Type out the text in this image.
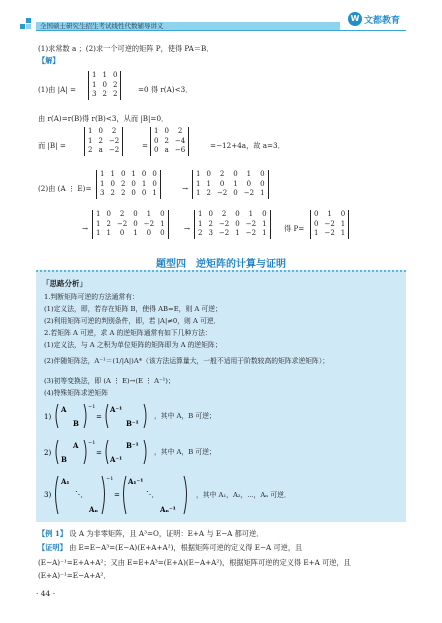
全国硕士研究生招生考试线性代数辅导讲义
W 文都教育
(1)求常数 a ；(2)求一个可逆的矩阵 P，使得 PA＝B．
【解】
(1)由 |A| =
1	1	0
1	0	2
3	2	2	=0 得 r(A)<3．
由 r(A)=r(B)得 r(B)<3，从而 |B|=0．
而 |B| =
1	0	2
1	2	−2
2	a	−2	=
1	0	2
0	2	−4
0	a	−6	=−12+4a，故 a=3．
(2)由 (A ⋮ E)=
1	1	0	1	0	0
1	0	2	0	1	0
3	2	2	0	0	1	→
1	0	2	0	1	0
1	1	0	1	0	0
1	2	−2	0	−2	1
→
1	0	2	0	1	0
1	2	−2	0	−2	1
1	1	0	1	0	0	→
1	0	2	0	1	0
1	2	−2	0	−2	1
2	3	−2	1	−2	1 得 P=
0	1	0
0	−2	1
1	−2	1
题型四　逆矩阵的计算与证明
「思路分析」
1.判断矩阵可逆的方法通常有：
(1)定义法，即，若存在矩阵 B，使得 AB=E，则 A 可逆；
(2)利用矩阵可逆的判别条件，即，若 |A|≠0，则 A 可逆．
2.若矩阵 A 可逆，求 A 的逆矩阵通常有如下几种方法：
(1)定义法，与 A 之积为单位矩阵的矩阵即为 A 的逆矩阵；
(2)伴随矩阵法，A⁻¹＝(1/|A|)A*（该方法运算量大，一般不适用于阶数较高的矩阵求逆矩阵）；
(3)初等变换法，即 (A ⋮ E)→(E ⋮ A⁻¹)；
(4)特殊矩阵求逆矩阵
1)
A
B
−1
=
A⁻¹
B⁻¹
，其中 A，B 可逆；
2)
A
B
−1
=
B⁻¹
A⁻¹
，其中 A，B 可逆；
3)
A₁
⋱
Aₙ
−1
=
A₁⁻¹
⋱
Aₙ⁻¹
，其中 A₁，A₂，⋯，Aₙ 可逆．
【例 1】 设 A 为非零矩阵，且 A³=O，证明：E+A 与 E−A 都可逆．
【证明】 由 E=E−A³=(E−A)(E+A+A²)，根据矩阵可逆的定义得 E−A 可逆，且
(E−A)⁻¹=E+A+A²；又由 E=E+A³=(E+A)(E−A+A²)，根据矩阵可逆的定义得 E+A 可逆，且(E+A)⁻¹=E−A+A²．
· 44 ·
